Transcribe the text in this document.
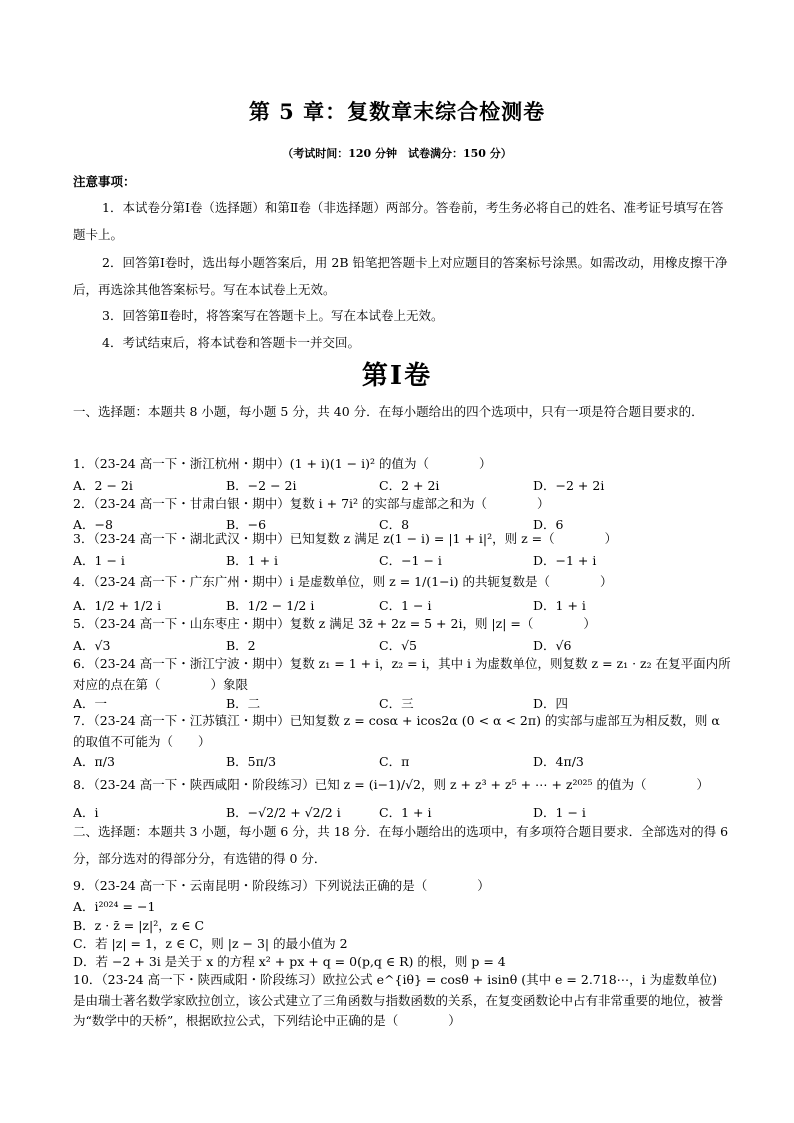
第 5 章：复数章末综合检测卷
（考试时间：120 分钟　试卷满分：150 分）
注意事项：
1．本试卷分第Ⅰ卷（选择题）和第Ⅱ卷（非选择题）两部分。答卷前，考生务必将自己的姓名、准考证号填写在答题卡上。
2．回答第Ⅰ卷时，选出每小题答案后，用 2B 铅笔把答题卡上对应题目的答案标号涂黑。如需改动，用橡皮擦干净后，再选涂其他答案标号。写在本试卷上无效。
3．回答第Ⅱ卷时，将答案写在答题卡上。写在本试卷上无效。
4．考试结束后，将本试卷和答题卡一并交回。
第Ⅰ卷
一、选择题：本题共 8 小题，每小题 5 分，共 40 分．在每小题给出的四个选项中，只有一项是符合题目要求的．
1．（23-24 高一下・浙江杭州・期中）(1 + i)(1 − i)² 的值为（　　　　）
A．2 − 2i	B．−2 − 2i	C．2 + 2i	D．−2 + 2i
2．（23-24 高一下・甘肃白银・期中）复数 i + 7i² 的实部与虚部之和为（　　　　）
A．−8	B．−6	C．8	D．6
3．（23-24 高一下・湖北武汉・期中）已知复数 z 满足 z(1 − i) = |1 + i|²，则 z =（　　　　）
A．1 − i	B．1 + i	C．−1 − i	D．−1 + i
4．（23-24 高一下・广东广州・期中）i 是虚数单位，则 z = 1/(1−i) 的共轭复数是（　　　　）
A．1/2 + 1/2 i	B．1/2 − 1/2 i	C．1 − i	D．1 + i
5．（23-24 高一下・山东枣庄・期中）复数 z 满足 3z̄ + 2z = 5 + 2i，则 |z| =（　　　　）
A．√3	B．2	C．√5	D．√6
6．（23-24 高一下・浙江宁波・期中）复数 z₁ = 1 + i，z₂ = i，其中 i 为虚数单位，则复数 z = z₁ · z₂ 在复平面内所对应的点在第（　　　　）象限
A．一	B．二	C．三	D．四
7．（23-24 高一下・江苏镇江・期中）已知复数 z = cosα + icos2α (0 < α < 2π) 的实部与虚部互为相反数，则 α 的取值不可能为（　　）
A．π/3	B．5π/3	C．π	D．4π/3
8．（23-24 高一下・陕西咸阳・阶段练习）已知 z = (i−1)/√2，则 z + z³ + z⁵ + ⋯ + z²⁰²⁵ 的值为（　　　　）
A．i	B．−√2/2 + √2/2 i	C．1 + i	D．1 − i
二、选择题：本题共 3 小题，每小题 6 分，共 18 分．在每小题给出的选项中，有多项符合题目要求．全部选对的得 6 分，部分选对的得部分分，有选错的得 0 分．
9．（23-24 高一下・云南昆明・阶段练习）下列说法正确的是（　　　　）
A．i²⁰²⁴ = −1
B．z · z̄ = |z|²，z ∈ C
C．若 |z| = 1，z ∈ C，则 |z − 3| 的最小值为 2
D．若 −2 + 3i 是关于 x 的方程 x² + px + q = 0(p,q ∈ R) 的根，则 p = 4
10．（23-24 高一下・陕西咸阳・阶段练习）欧拉公式 e^{iθ} = cosθ + isinθ (其中 e = 2.718⋯，i 为虚数单位) 是由瑞士著名数学家欧拉创立，该公式建立了三角函数与指数函数的关系，在复变函数论中占有非常重要的地位，被誉为“数学中的天桥”，根据欧拉公式，下列结论中正确的是（　　　　）
